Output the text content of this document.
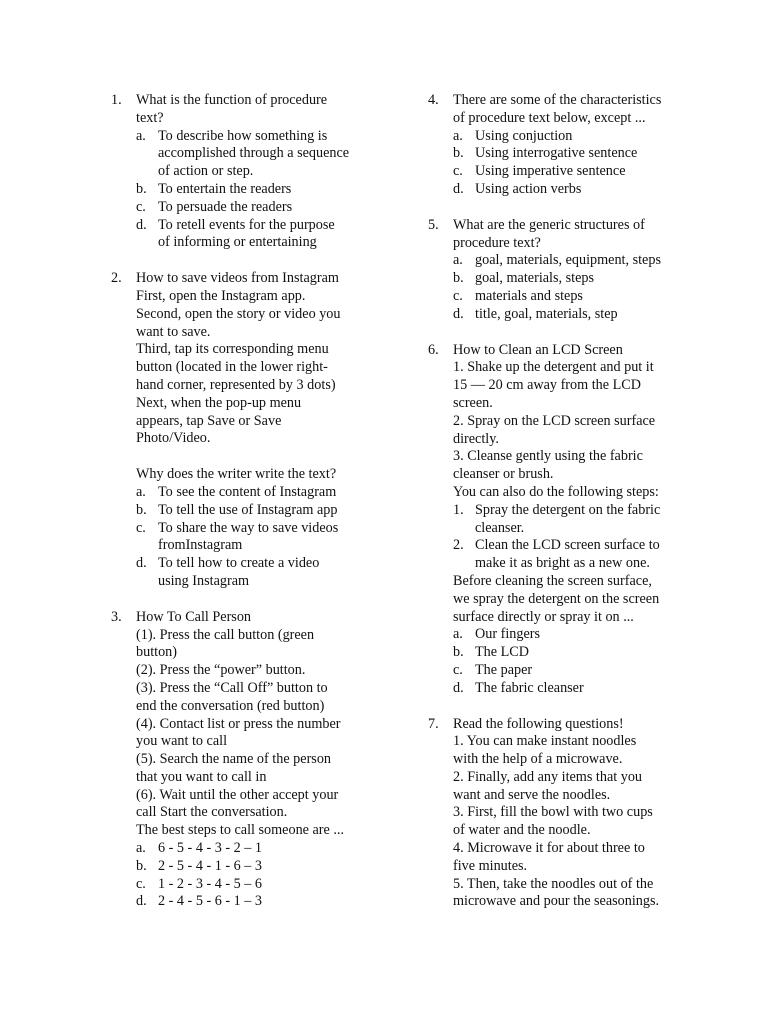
1. What is the function of procedure
text?
a. To describe how something is
accomplished through a sequence
of action or step.
b. To entertain the readers
c. To persuade the readers
d. To retell events for the purpose
of informing or entertaining
2. How to save videos from Instagram
First, open the Instagram app.
Second, open the story or video you
want to save.
Third, tap its corresponding menu
button (located in the lower right-
hand corner, represented by 3 dots)
Next, when the pop-up menu
appears, tap Save or Save
Photo/Video.
Why does the writer write the text?
a. To see the content of Instagram
b. To tell the use of Instagram app
c. To share the way to save videos
fromInstagram
d. To tell how to create a video
using Instagram
3. How To Call Person
(1). Press the call button (green
button)
(2). Press the “power” button.
(3). Press the “Call Off” button to
end the conversation (red button)
(4). Contact list or press the number
you want to call
(5). Search the name of the person
that you want to call in
(6). Wait until the other accept your
call Start the conversation.
The best steps to call someone are ...
a. 6 - 5 - 4 - 3 - 2 – 1
b. 2 - 5 - 4 - 1 - 6 – 3
c. 1 - 2 - 3 - 4 - 5 – 6
d. 2 - 4 - 5 - 6 - 1 – 3
4. There are some of the characteristics
of procedure text below, except ...
a. Using conjuction
b. Using interrogative sentence
c. Using imperative sentence
d. Using action verbs
5. What are the generic structures of
procedure text?
a. goal, materials, equipment, steps
b. goal, materials, steps
c. materials and steps
d. title, goal, materials, step
6. How to Clean an LCD Screen
1. Shake up the detergent and put it
15 — 20 cm away from the LCD
screen.
2. Spray on the LCD screen surface
directly.
3. Cleanse gently using the fabric
cleanser or brush.
You can also do the following steps:
1. Spray the detergent on the fabric
cleanser.
2. Clean the LCD screen surface to
make it as bright as a new one.
Before cleaning the screen surface,
we spray the detergent on the screen
surface directly or spray it on ...
a. Our fingers
b. The LCD
c. The paper
d. The fabric cleanser
7. Read the following questions!
1. You can make instant noodles
with the help of a microwave.
2. Finally, add any items that you
want and serve the noodles.
3. First, fill the bowl with two cups
of water and the noodle.
4. Microwave it for about three to
five minutes.
5. Then, take the noodles out of the
microwave and pour the seasonings.
